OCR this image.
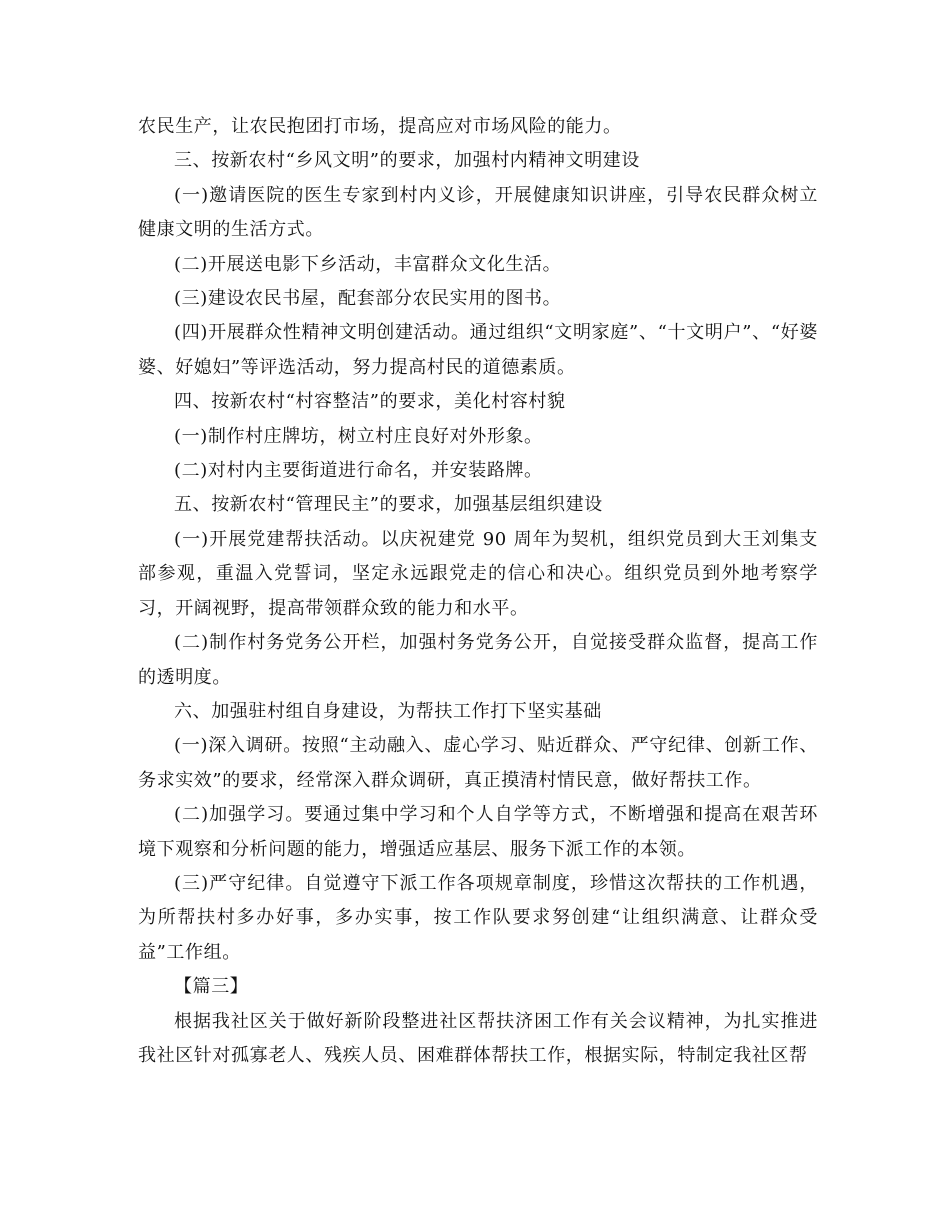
农民生产，让农民抱团打市场，提高应对市场风险的能力。

三、按新农村“乡风文明”的要求，加强村内精神文明建设

(一)邀请医院的医生专家到村内义诊，开展健康知识讲座，引导农民群众树立健康文明的生活方式。

(二)开展送电影下乡活动，丰富群众文化生活。

(三)建设农民书屋，配套部分农民实用的图书。

(四)开展群众性精神文明创建活动。通过组织“文明家庭”、“十文明户”、“好婆婆、好媳妇”等评选活动，努力提高村民的道德素质。

四、按新农村“村容整洁”的要求，美化村容村貌

(一)制作村庄牌坊，树立村庄良好对外形象。

(二)对村内主要街道进行命名，并安装路牌。

五、按新农村“管理民主”的要求，加强基层组织建设

(一)开展党建帮扶活动。以庆祝建党 90 周年为契机，组织党员到大王刘集支部参观，重温入党誓词，坚定永远跟党走的信心和决心。组织党员到外地考察学习，开阔视野，提高带领群众致的能力和水平。

(二)制作村务党务公开栏，加强村务党务公开，自觉接受群众监督，提高工作的透明度。

六、加强驻村组自身建设，为帮扶工作打下坚实基础

(一)深入调研。按照“主动融入、虚心学习、贴近群众、严守纪律、创新工作、务求实效”的要求，经常深入群众调研，真正摸清村情民意，做好帮扶工作。

(二)加强学习。要通过集中学习和个人自学等方式，不断增强和提高在艰苦环境下观察和分析问题的能力，增强适应基层、服务下派工作的本领。

(三)严守纪律。自觉遵守下派工作各项规章制度，珍惜这次帮扶的工作机遇，为所帮扶村多办好事，多办实事，按工作队要求努创建“让组织满意、让群众受益”工作组。

【篇三】

根据我社区关于做好新阶段整进社区帮扶济困工作有关会议精神，为扎实推进我社区针对孤寡老人、残疾人员、困难群体帮扶工作，根据实际，特制定我社区帮
